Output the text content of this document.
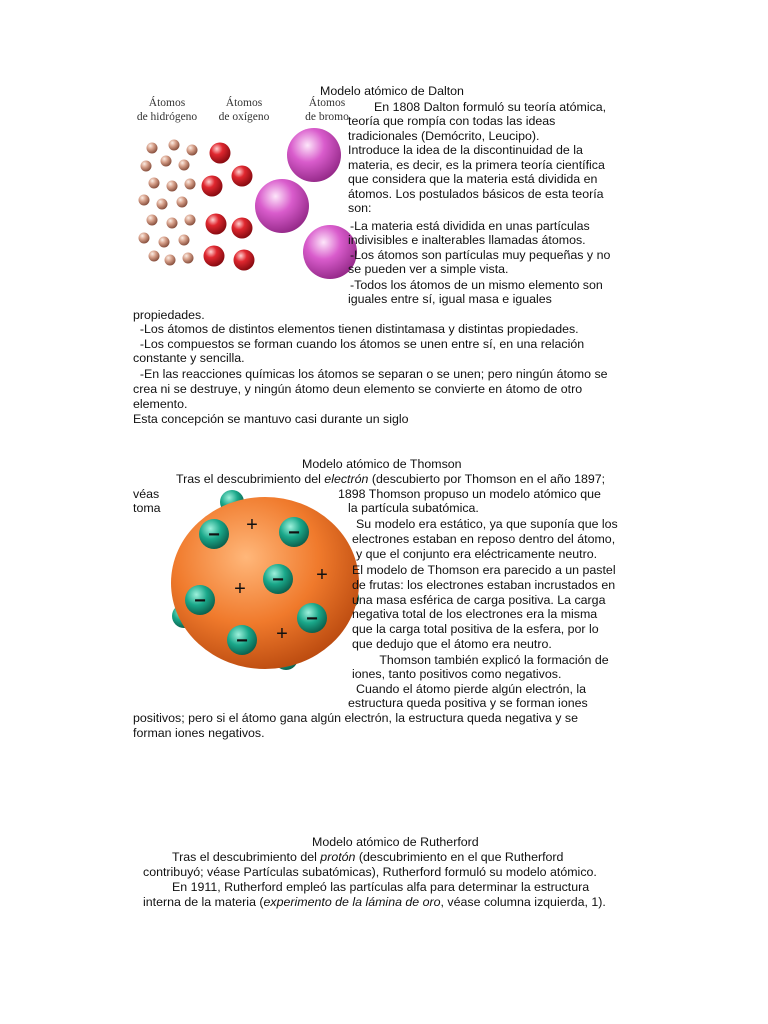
Modelo atómico de Dalton
Átomos
de hidrógeno
Átomos
de oxígeno
Átomos
de bromo
En 1808 Dalton formuló su teoría atómica,
teoría que rompía con todas las ideas
tradicionales (Demócrito, Leucipo).
Introduce la idea de la discontinuidad de la
materia, es decir, es la primera teoría científica
que considera que la materia está dividida en
átomos. Los postulados básicos de esta teoría
son:
-La materia está dividida en unas partículas
indivisibles e inalterables llamadas átomos.
-Los átomos son partículas muy pequeñas y no
se pueden ver a simple vista.
-Todos los átomos de un mismo elemento son
iguales entre sí, igual masa e iguales
propiedades.
-Los átomos de distintos elementos tienen distintamasa y distintas propiedades.
-Los compuestos se forman cuando los átomos se unen entre sí, en una relación
constante y sencilla.
-En las reacciones químicas los átomos se separan o se unen; pero ningún átomo se
crea ni se destruye, y ningún átomo deun elemento se convierte en átomo de otro
elemento.
Esta concepción se mantuvo casi durante un siglo
Modelo atómico de Thomson
Tras el descubrimiento del electrón (descubierto por Thomson en el año 1897;
véas	1898 Thomson propuso un modelo atómico que
toma	la partícula subatómica.
−	−
−
−
−
−
+
+
+
+
Su modelo era estático, ya que suponía que los
electrones estaban en reposo dentro del átomo,
y que el conjunto era eléctricamente neutro.
El modelo de Thomson era parecido a un pastel
de frutas: los electrones estaban incrustados en
una masa esférica de carga positiva. La carga
negativa total de los electrones era la misma
que la carga total positiva de la esfera, por lo
que dedujo que el átomo era neutro.
Thomson también explicó la formación de
iones, tanto positivos como negativos.
Cuando el átomo pierde algún electrón, la
estructura queda positiva y se forman iones
positivos; pero si el átomo gana algún electrón, la estructura queda negativa y se
forman iones negativos.
Modelo atómico de Rutherford
Tras el descubrimiento del protón (descubrimiento en el que Rutherford
contribuyó; véase Partículas subatómicas), Rutherford formuló su modelo atómico.
En 1911, Rutherford empleó las partículas alfa para determinar la estructura
interna de la materia (experimento de la lámina de oro, véase columna izquierda, 1).
